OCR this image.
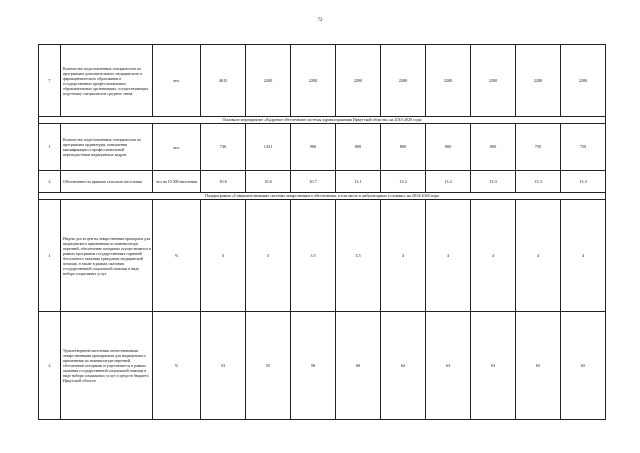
72
7	Количество подготовленных специалистов по программам дополнительного медицинского и фармацевтического образования в государственных профессиональных образовательных организациях, осуществляющих подготовку специалистов среднего звена	чел.	4615	2200	2200	2200	2200	2200	2200	2200	2200
Основное мероприятие «Кадровое обеспечение системы здравоохранения Иркутской области» на 2014-2020 годы											
1	Количество подготовленных специалистов по программам ординатуры, повышения квалификации и профессиональной переподготовки медицинских кадров	чел.	736	1431	900	800	800	800	800	750	750
2	Обеспеченность врачами сельского населения	чел на 10 000 населения	10.6	10.6	10.7	13.1	13.2	13.2	13.3	13.3	13.3
Подпрограмма «Совершенствование системы лекарственного обеспечения, в том числе в амбулаторных условиях» на 2014-2020 годы											
1	Индекс роста цен на лекарственные препараты для медицинского применения по номенклатуре перечней, обеспечение которыми осуществляется в рамках программы государственных гарантий бесплатного оказания гражданам медицинской помощи, в также в рамках оказания государственной социальной помощи в виде набора социальных услуг	%	3	3	3.5	3.5	4	4	4	4	4
2	Удовлетворение населения отечественными лекарственными препаратами для медицинского применения по номенклатуре перечней, обеспечение которыми осуществляется в рамках оказания государственной социальной помощи в виде набора социальных услуг и средств бюджета Иркутской области	%	53	55	58	60	62	63	63	65	65
